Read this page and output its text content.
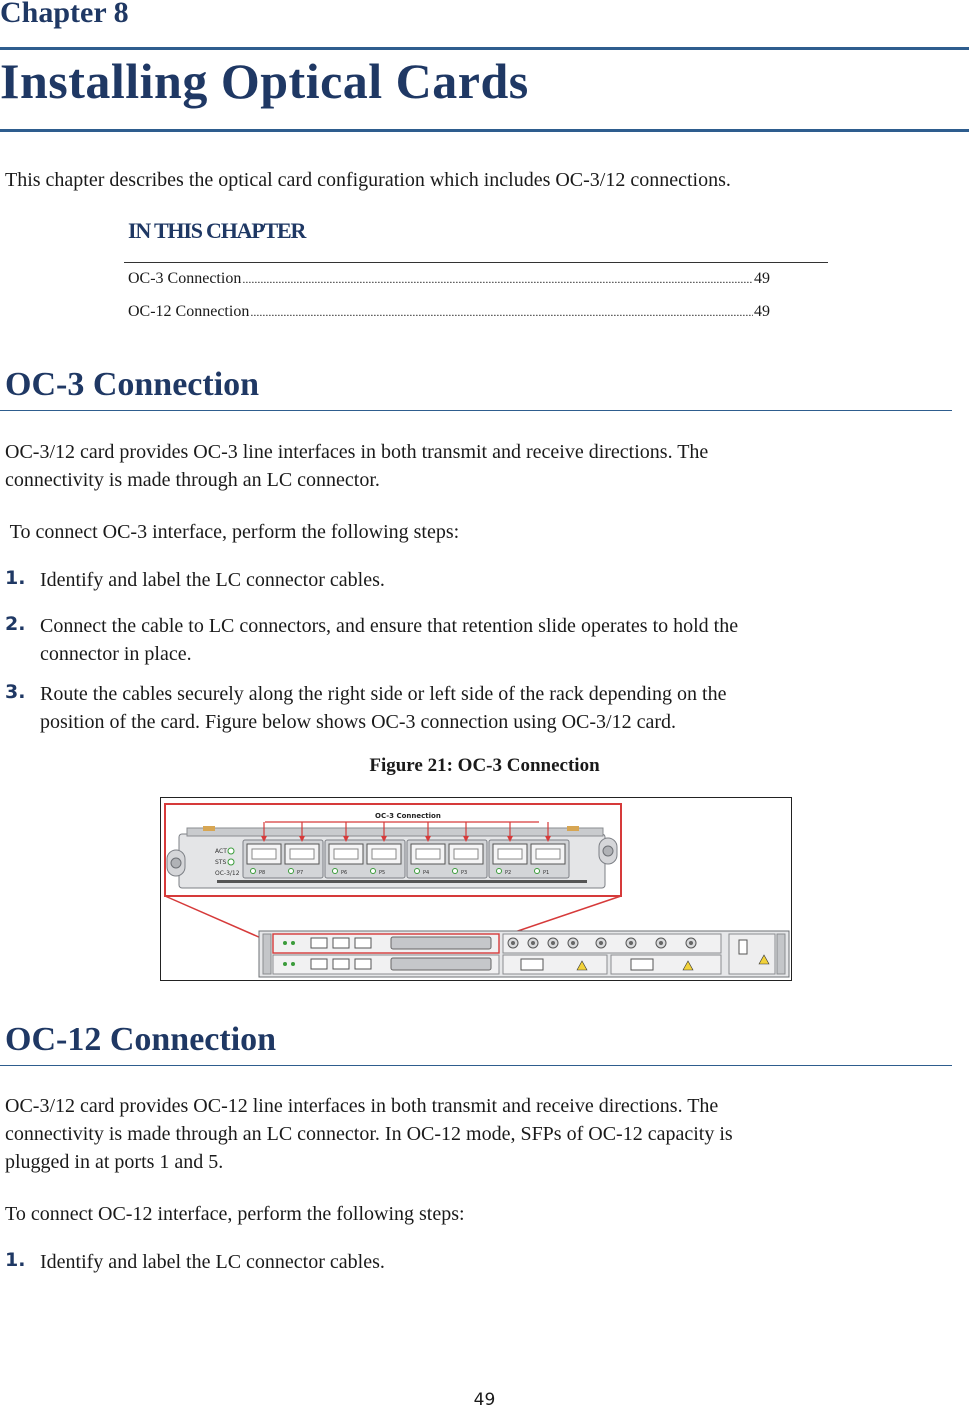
Chapter 8
Installing Optical Cards
This chapter describes the optical card configuration which includes OC-3/12 connections.
IN THIS CHAPTER
OC-3 Connection .....	49
OC-12 Connection .....	49
OC-3 Connection
OC-3/12 card provides OC-3 line interfaces in both transmit and receive directions. The
connectivity is made through an LC connector.
To connect OC-3 interface, perform the following steps:
1. Identify and label the LC connector cables.
2. Connect the cable to LC connectors, and ensure that retention slide operates to hold the
connector in place.
3. Route the cables securely along the right side or left side of the rack depending on the
position of the card. Figure below shows OC-3 connection using OC-3/12 card.
Figure 21: OC-3 Connection
ACT
STS
OC-3/12	P8	P7	P6	P5	P4	P3	P2	P1
OC-3 Connection
OC-12 Connection
OC-3/12 card provides OC-12 line interfaces in both transmit and receive directions. The
connectivity is made through an LC connector. In OC-12 mode, SFPs of OC-12 capacity is
plugged in at ports 1 and 5.
To connect OC-12 interface, perform the following steps:
1. Identify and label the LC connector cables.
49
